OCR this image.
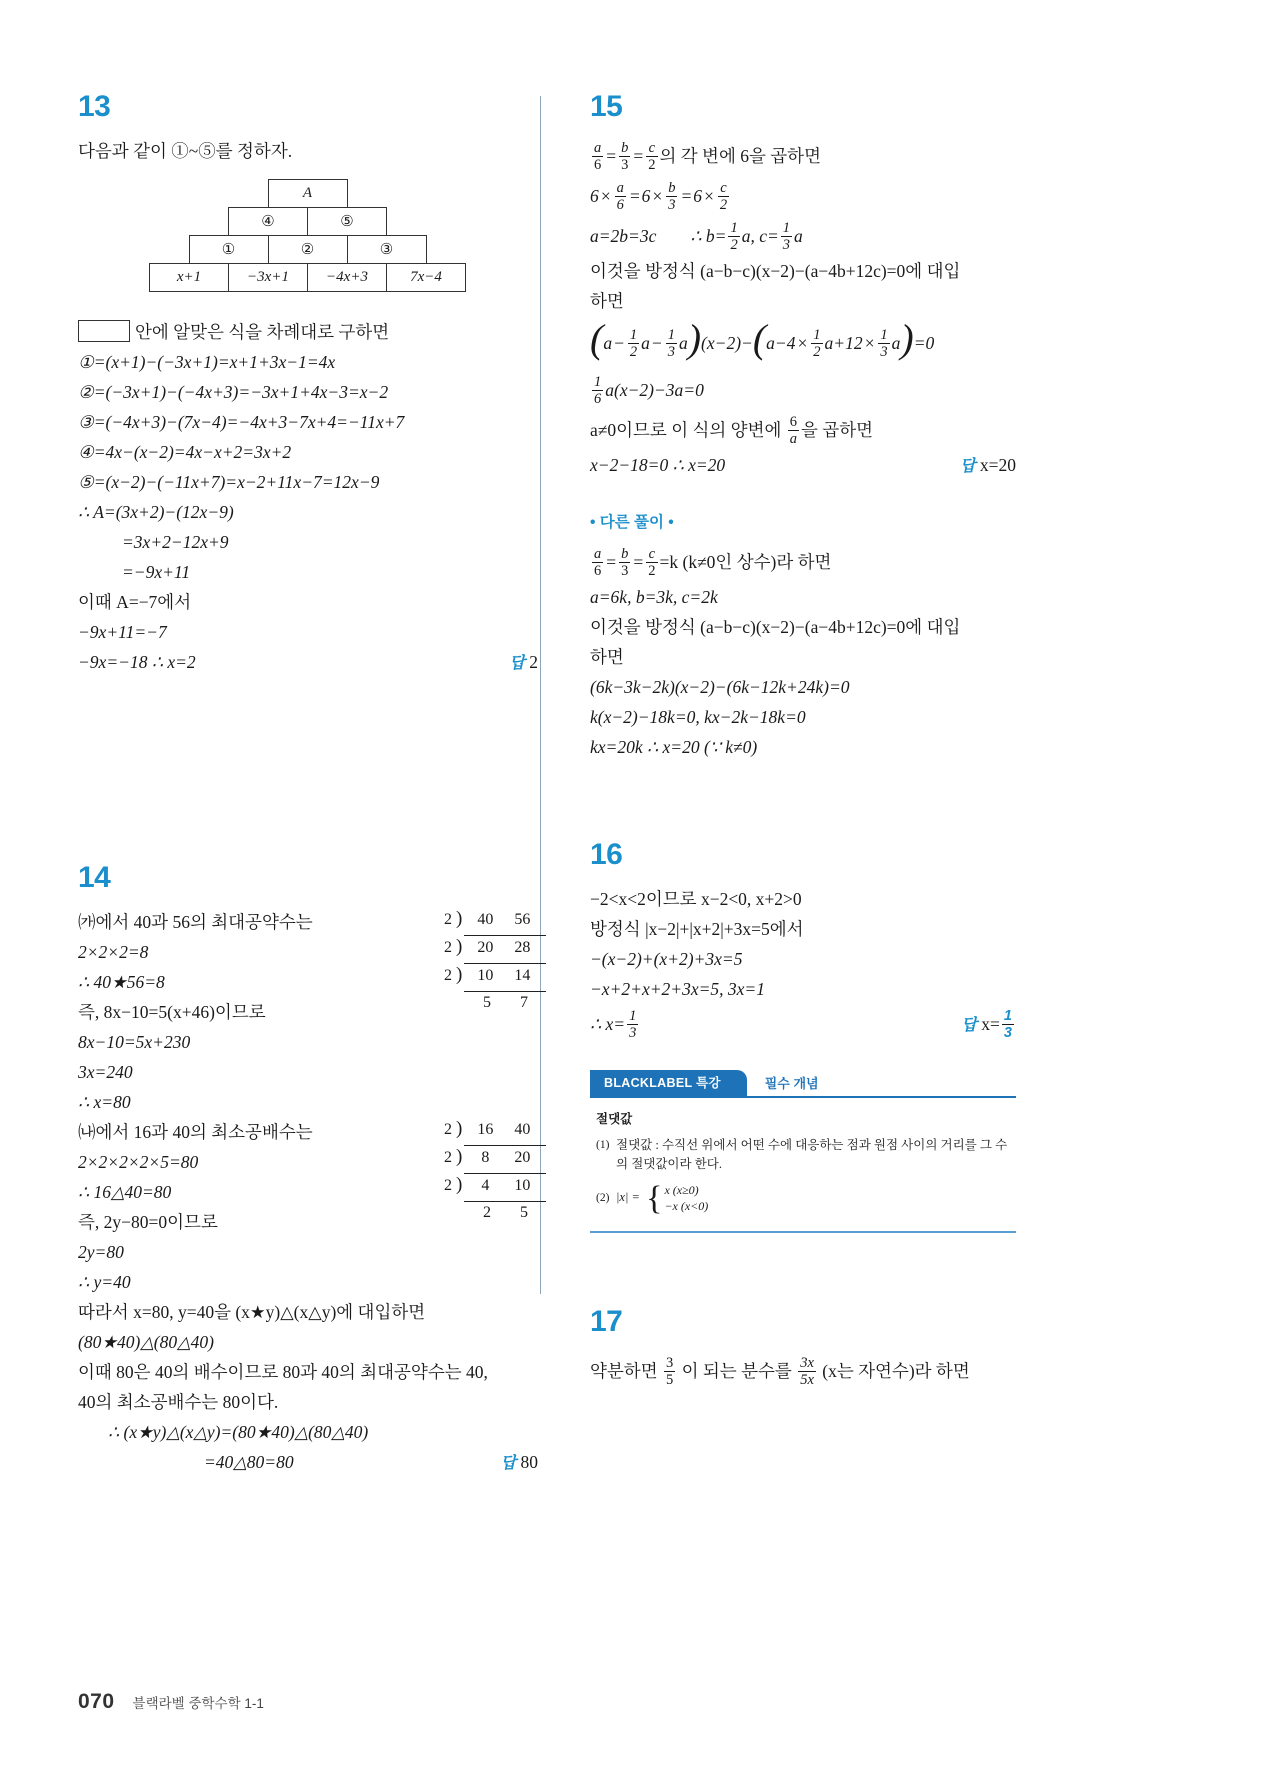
13
다음과 같이 ①~⑤를 정하자.
A
④	⑤
①	②	③
x+1	−3x+1	−4x+3	7x−4
안에 알맞은 식을 차례대로 구하면
①=(x+1)−(−3x+1)=x+1+3x−1=4x
②=(−3x+1)−(−4x+3)=−3x+1+4x−3=x−2
③=(−4x+3)−(7x−4)=−4x+3−7x+4=−11x+7
④=4x−(x−2)=4x−x+2=3x+2
⑤=(x−2)−(−11x+7)=x−2+11x−7=12x−9
∴ A=(3x+2)−(12x−9)
=3x+2−12x+9
=−9x+11
이때 A=−7에서
−9x+11=−7
−9x=−18 ∴ x=2	답 2
14
㈎에서 40과 56의 최대공약수는
2×2×2=8
∴ 40★56=8
즉, 8x−10=5(x+46)이므로
8x−10=5x+230
3x=240
∴ x=80
2 ) 40	56
2 ) 20	28
2 ) 10	14
5	7
㈏에서 16과 40의 최소공배수는
2×2×2×2×5=80
∴ 16△40=80
즉, 2y−80=0이므로
2y=80
∴ y=40
2 ) 16	40
2 )	8	20
2 )	4	10
2	5
따라서 x=80, y=40을 (x★y)△(x△y)에 대입하면
(80★40)△(80△40)
이때 80은 40의 배수이므로 80과 40의 최대공약수는 40,
40의 최소공배수는 80이다.
∴ (x★y)△(x△y)=(80★40)△(80△40)
=40△80=80	답 80
15
$\frac{a}{6} = \frac{b}{3} = \frac{c}{2}$ 의 각 변에 6을 곱하면
$6\times \frac{a}{6} =6\times \frac{b}{3} =6\times \frac{c}{2}$
a=2b=3c ∴ $b= \frac{1}{2} a$, $c= \frac{1}{3}$ a
이것을 방정식 (a−b−c)(x−2)−(a−4b+12c)=0에 대입
하면
$(a- \frac{1}{2} a- \frac{1}{3} a)(x-2)-(a-4\times \frac{1}{2} a+12\times \frac{1}{3} a)=0$
$\frac{1}{6} a(x-2)-3a=0$
a≠0이므로 이 식의 양변에 $\frac{6}{a}$ 을 곱하면
x−2−18=0 ∴ x=20	답 x=20
• 다른 풀이 •
$\frac{a}{6} = \frac{b}{3} = \frac{c}{2} =k$ (k≠0인 상수)라 하면
a=6k, b=3k, c=2k
이것을 방정식 (a−b−c)(x−2)−(a−4b+12c)=0에 대입
하면
(6k−3k−2k)(x−2)−(6k−12k+24k)=0
k(x−2)−18k=0, kx−2k−18k=0
kx=20k ∴ x=20 (∵ k≠0)
16
−2<x<2이므로 x−2<0, x+2>0
방정식 |x−2|+|x+2|+3x=5에서
−(x−2)+(x+2)+3x=5
−x+2+x+2+3x=5, 3x=1
∴ $x= \frac{1}{3}$	답 $x= \frac{1}{3}$
BLACKLABEL 특강	필수 개념
절댓값
(1) 절댓값 : 수직선 위에서 어떤 수에 대응하는 점과 원점 사이의 거리를 그 수의 절댓값이라 한다.
(2) |x| = { x (x≥0)
−x (x<0)
17
약분하면 $\frac{3}{5}$ 이 되는 분수를 $\frac{3x}{5x} (x$는 자연수)라 하면
070 블랙라벨 중학수학 1-1
